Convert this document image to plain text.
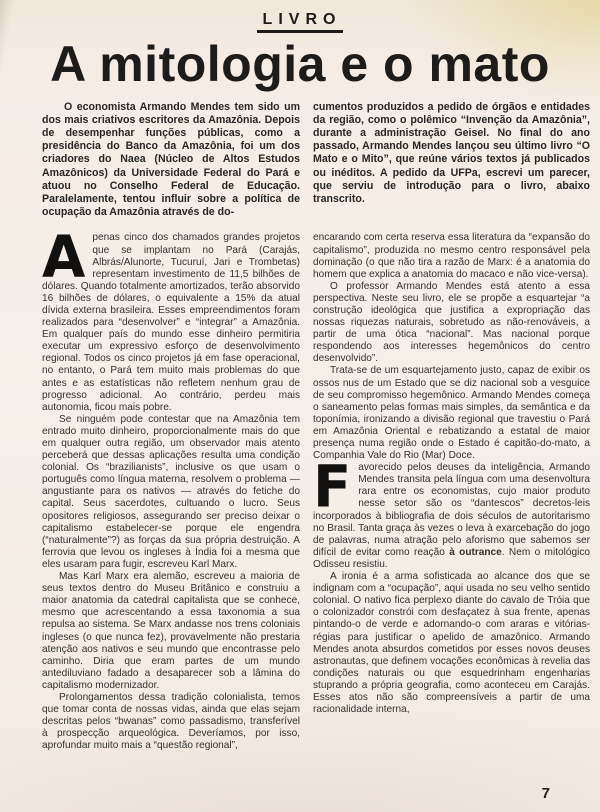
LIVRO
A mitologia e o mato

O economista Armando Mendes tem sido um dos mais criativos escritores da Amazônia. Depois de desempenhar funções públicas, como a presidência do Banco da Amazônia, foi um dos criadores do Naea (Núcleo de Altos Estudos Amazônicos) da Universidade Federal do Pará e atuou no Conselho Federal de Educação. Paralelamente, tentou influir sobre a política de ocupação da Amazônia através de do-

cumentos produzidos a pedido de órgãos e entidades da região, como o polêmico “Invenção da Amazônia”, durante a administração Geisel. No final do ano passado, Armando Mendes lançou seu último livro “O Mato e o Mito”, que reúne vários textos já publicados ou inéditos. A pedido da UFPa, escrevi um parecer, que serviu de introdução para o livro, abaixo transcrito.

Apenas cinco dos chamados grandes projetos que se implantam no Pará (Carajás, Albrás/Alunorte, Tucuruí, Jari e Trombetas) representam investimento de 11,5 bilhões de dólares. Quando totalmente amortizados, terão absorvido 16 bilhões de dólares, o equivalente a 15% da atual dívida externa brasileira. Esses empreendimentos foram realizados para “desenvolver” e “integrar” a Amazônia. Em qualquer país do mundo esse dinheiro permitiria executar um expressivo esforço de desenvolvimento regional. Todos os cinco projetos já em fase operacional, no entanto, o Pará tem muito mais problemas do que antes e as estatísticas não refletem nenhum grau de progresso adicional. Ao contrário, perdeu mais autonomia, ficou mais pobre.

Se ninguém pode contestar que na Amazônia tem entrado muito dinheiro, proporcionalmente mais do que em qualquer outra região, um observador mais atento perceberá que dessas aplicações resulta uma condição colonial. Os “brazilianists”, inclusive os que usam o português como língua materna, resolvem o problema — angustiante para os nativos — através do fetiche do capital. Seus sacerdotes, cultuando o lucro. Seus opositores religiosos, assegurando ser preciso deixar o capitalismo estabelecer-se porque ele engendra (“naturalmente”?) as forças da sua própria destruição. A ferrovia que levou os ingleses à Índia foi a mesma que eles usaram para fugir, escreveu Karl Marx.

Mas Karl Marx era alemão, escreveu a maioria de seus textos dentro do Museu Britânico e construiu a maior anatomia da catedral capitalista que se conhece, mesmo que acrescentando a essa taxonomia a sua repulsa ao sistema. Se Marx andasse nos trens coloniais ingleses (o que nunca fez), provavelmente não prestaria atenção aos nativos e seu mundo que encontrasse pelo caminho. Diria que eram partes de um mundo antediluviano fadado a desaparecer sob a lâmina do capitalismo modernizador.

Prolongamentos dessa tradição colonialista, temos que tomar conta de nossas vidas, ainda que elas sejam descritas pelos “bwanas” como passadismo, transferível à prospecção arqueológica. Deveríamos, por isso, aprofundar muito mais a “questão regional”,

encarando com certa reserva essa literatura da “expansão do capitalismo”, produzida no mesmo centro responsável pela dominação (o que não tira a razão de Marx: é a anatomia do homem que explica a anatomia do macaco e não vice-versa).

O professor Armando Mendes está atento a essa perspectiva. Neste seu livro, ele se propõe a esquartejar “a construção ideológica que justifica a expropriação das nossas riquezas naturais, sobretudo as não-renováveis, a partir de uma ótica “nacional”. Mas nacional porque respondendo aos interesses hegemônicos do centro desenvolvido”.

Trata-se de um esquartejamento justo, capaz de exibir os ossos nus de um Estado que se diz nacional sob a vesguice de seu compromisso hegemônico. Armando Mendes começa o saneamento pelas formas mais simples, da semântica e da toponímia, ironizando a divisão regional que travestiu o Pará em Amazônia Oriental e rebatizando a estatal de maior presença numa região onde o Estado é capitão-do-mato, a Companhia Vale do Rio (Mar) Doce.

Favorecido pelos deuses da inteligência, Armando Mendes transita pela língua com uma desenvoltura rara entre os economistas, cujo maior produto nesse setor são os “dantescos” decretos-leis incorporados à bibliografia de dois séculos de autoritarismo no Brasil. Tanta graça às vezes o leva à exarcebação do jogo de palavras, numa atração pelo aforismo que sabemos ser difícil de evitar como reação à outrance. Nem o mitológico Odisseu resistiu.

A ironia é a arma sofisticada ao alcance dos que se indignam com a “ocupação”, aqui usada no seu velho sentido colonial. O nativo fica perplexo diante do cavalo de Tróia que o colonizador constrói com desfaçatez à sua frente, apenas pintando-o de verde e adornando-o com araras e vitórias-régias para justificar o apelido de amazônico. Armando Mendes anota absurdos cometidos por esses novos deuses astronautas, que definem vocações econômicas à revelia das condições naturais ou que esquedrinham engenharias stuprando a própria geografia, como aconteceu em Carajás. Esses atos não são compreensíveis a partir de uma racionalidade interna,

7
